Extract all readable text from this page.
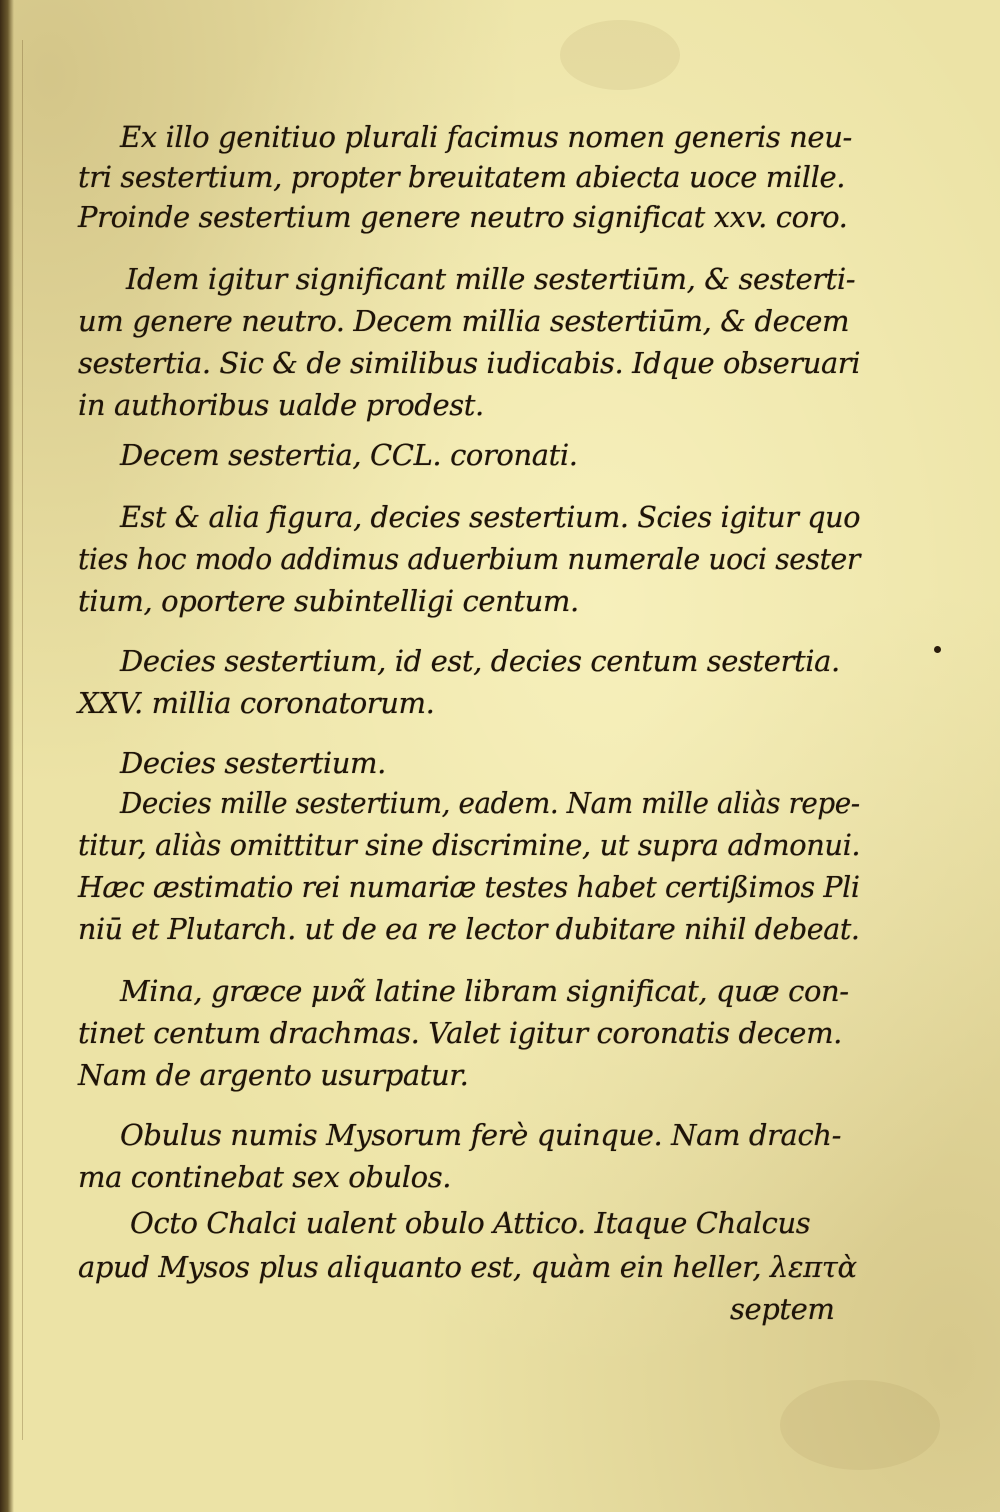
Ex illo genitiuo plurali facimus nomen generis neu-
tri sestertium, propter breuitatem abiecta uoce mille.
Proinde sestertium genere neutro significat xxv. coro.
Idem igitur significant mille sestertiūm, & sesterti-
um genere neutro. Decem millia sestertiūm, & decem
sestertia. Sic & de similibus iudicabis. Idque obseruari
in authoribus ualde prodest.
Decem sestertia, CCL. coronati.
Est & alia figura, decies sestertium. Scies igitur quo
ties hoc modo addimus aduerbium numerale uoci sester
tium, oportere subintelligi centum.
Decies sestertium, id est, decies centum sestertia.
XXV. millia coronatorum.
Decies sestertium.
Decies mille sestertium, eadem. Nam mille aliàs repe-
titur, aliàs omittitur sine discrimine, ut supra admonui.
Hæc æstimatio rei numariæ testes habet certißimos Pli
niū et Plutarch. ut de ea re lector dubitare nihil debeat.
Mina, græce μνᾶ latine libram significat, quæ con-
tinet centum drachmas. Valet igitur coronatis decem.
Nam de argento usurpatur.
Obulus numis Mysorum ferè quinque. Nam drach-
ma continebat sex obulos.
Octo Chalci ualent obulo Attico. Itaque Chalcus
apud Mysos plus aliquanto est, quàm ein heller, λεπτὰ
septem
